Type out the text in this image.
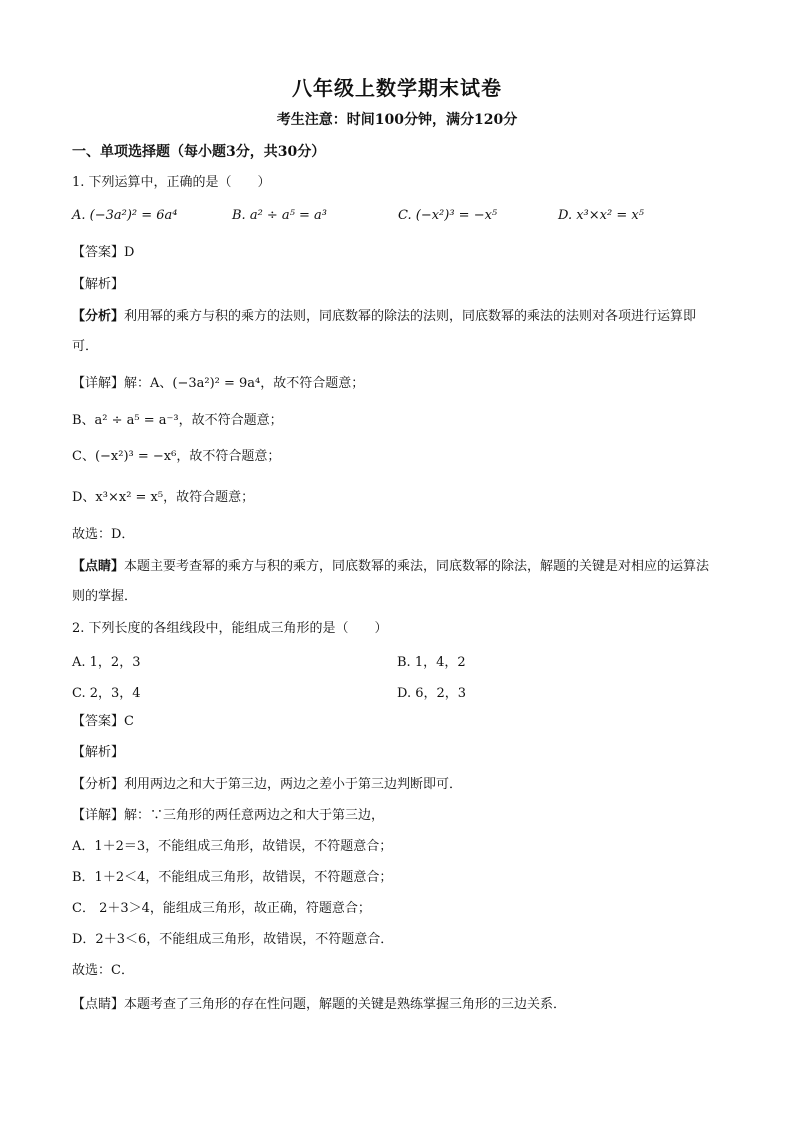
八年级上数学期末试卷
考生注意：时间100分钟，满分120分
一、单项选择题（每小题3分，共30分）
1. 下列运算中，正确的是（　　）
A. (−3a²)² = 6a⁴	B. a² ÷ a⁵ = a³	C. (−x²)³ = −x⁵	D. x³×x² = x⁵
【答案】D
【解析】
【分析】利用幂的乘方与积的乘方的法则，同底数幂的除法的法则，同底数幂的乘法的法则对各项进行运算即可．
【详解】解：A、(−3a²)² = 9a⁴，故不符合题意；
B、a² ÷ a⁵ = a⁻³，故不符合题意；
C、(−x²)³ = −x⁶，故不符合题意；
D、x³×x² = x⁵，故符合题意；
故选：D．
【点睛】本题主要考查幂的乘方与积的乘方，同底数幂的乘法，同底数幂的除法，解题的关键是对相应的运算法则的掌握．
2. 下列长度的各组线段中，能组成三角形的是（　　）
A. 1，2，3	B. 1，4，2
C. 2，3，4	D. 6，2，3
【答案】C
【解析】
【分析】利用两边之和大于第三边，两边之差小于第三边判断即可．
【详解】解：∵三角形的两任意两边之和大于第三边，
A．1＋2＝3，不能组成三角形，故错误，不符题意合；
B．1＋2＜4，不能组成三角形，故错误，不符题意合；
C． 2＋3＞4，能组成三角形，故正确，符题意合；
D．2＋3＜6，不能组成三角形，故错误，不符题意合．
故选：C．
【点睛】本题考查了三角形的存在性问题，解题的关键是熟练掌握三角形的三边关系．
